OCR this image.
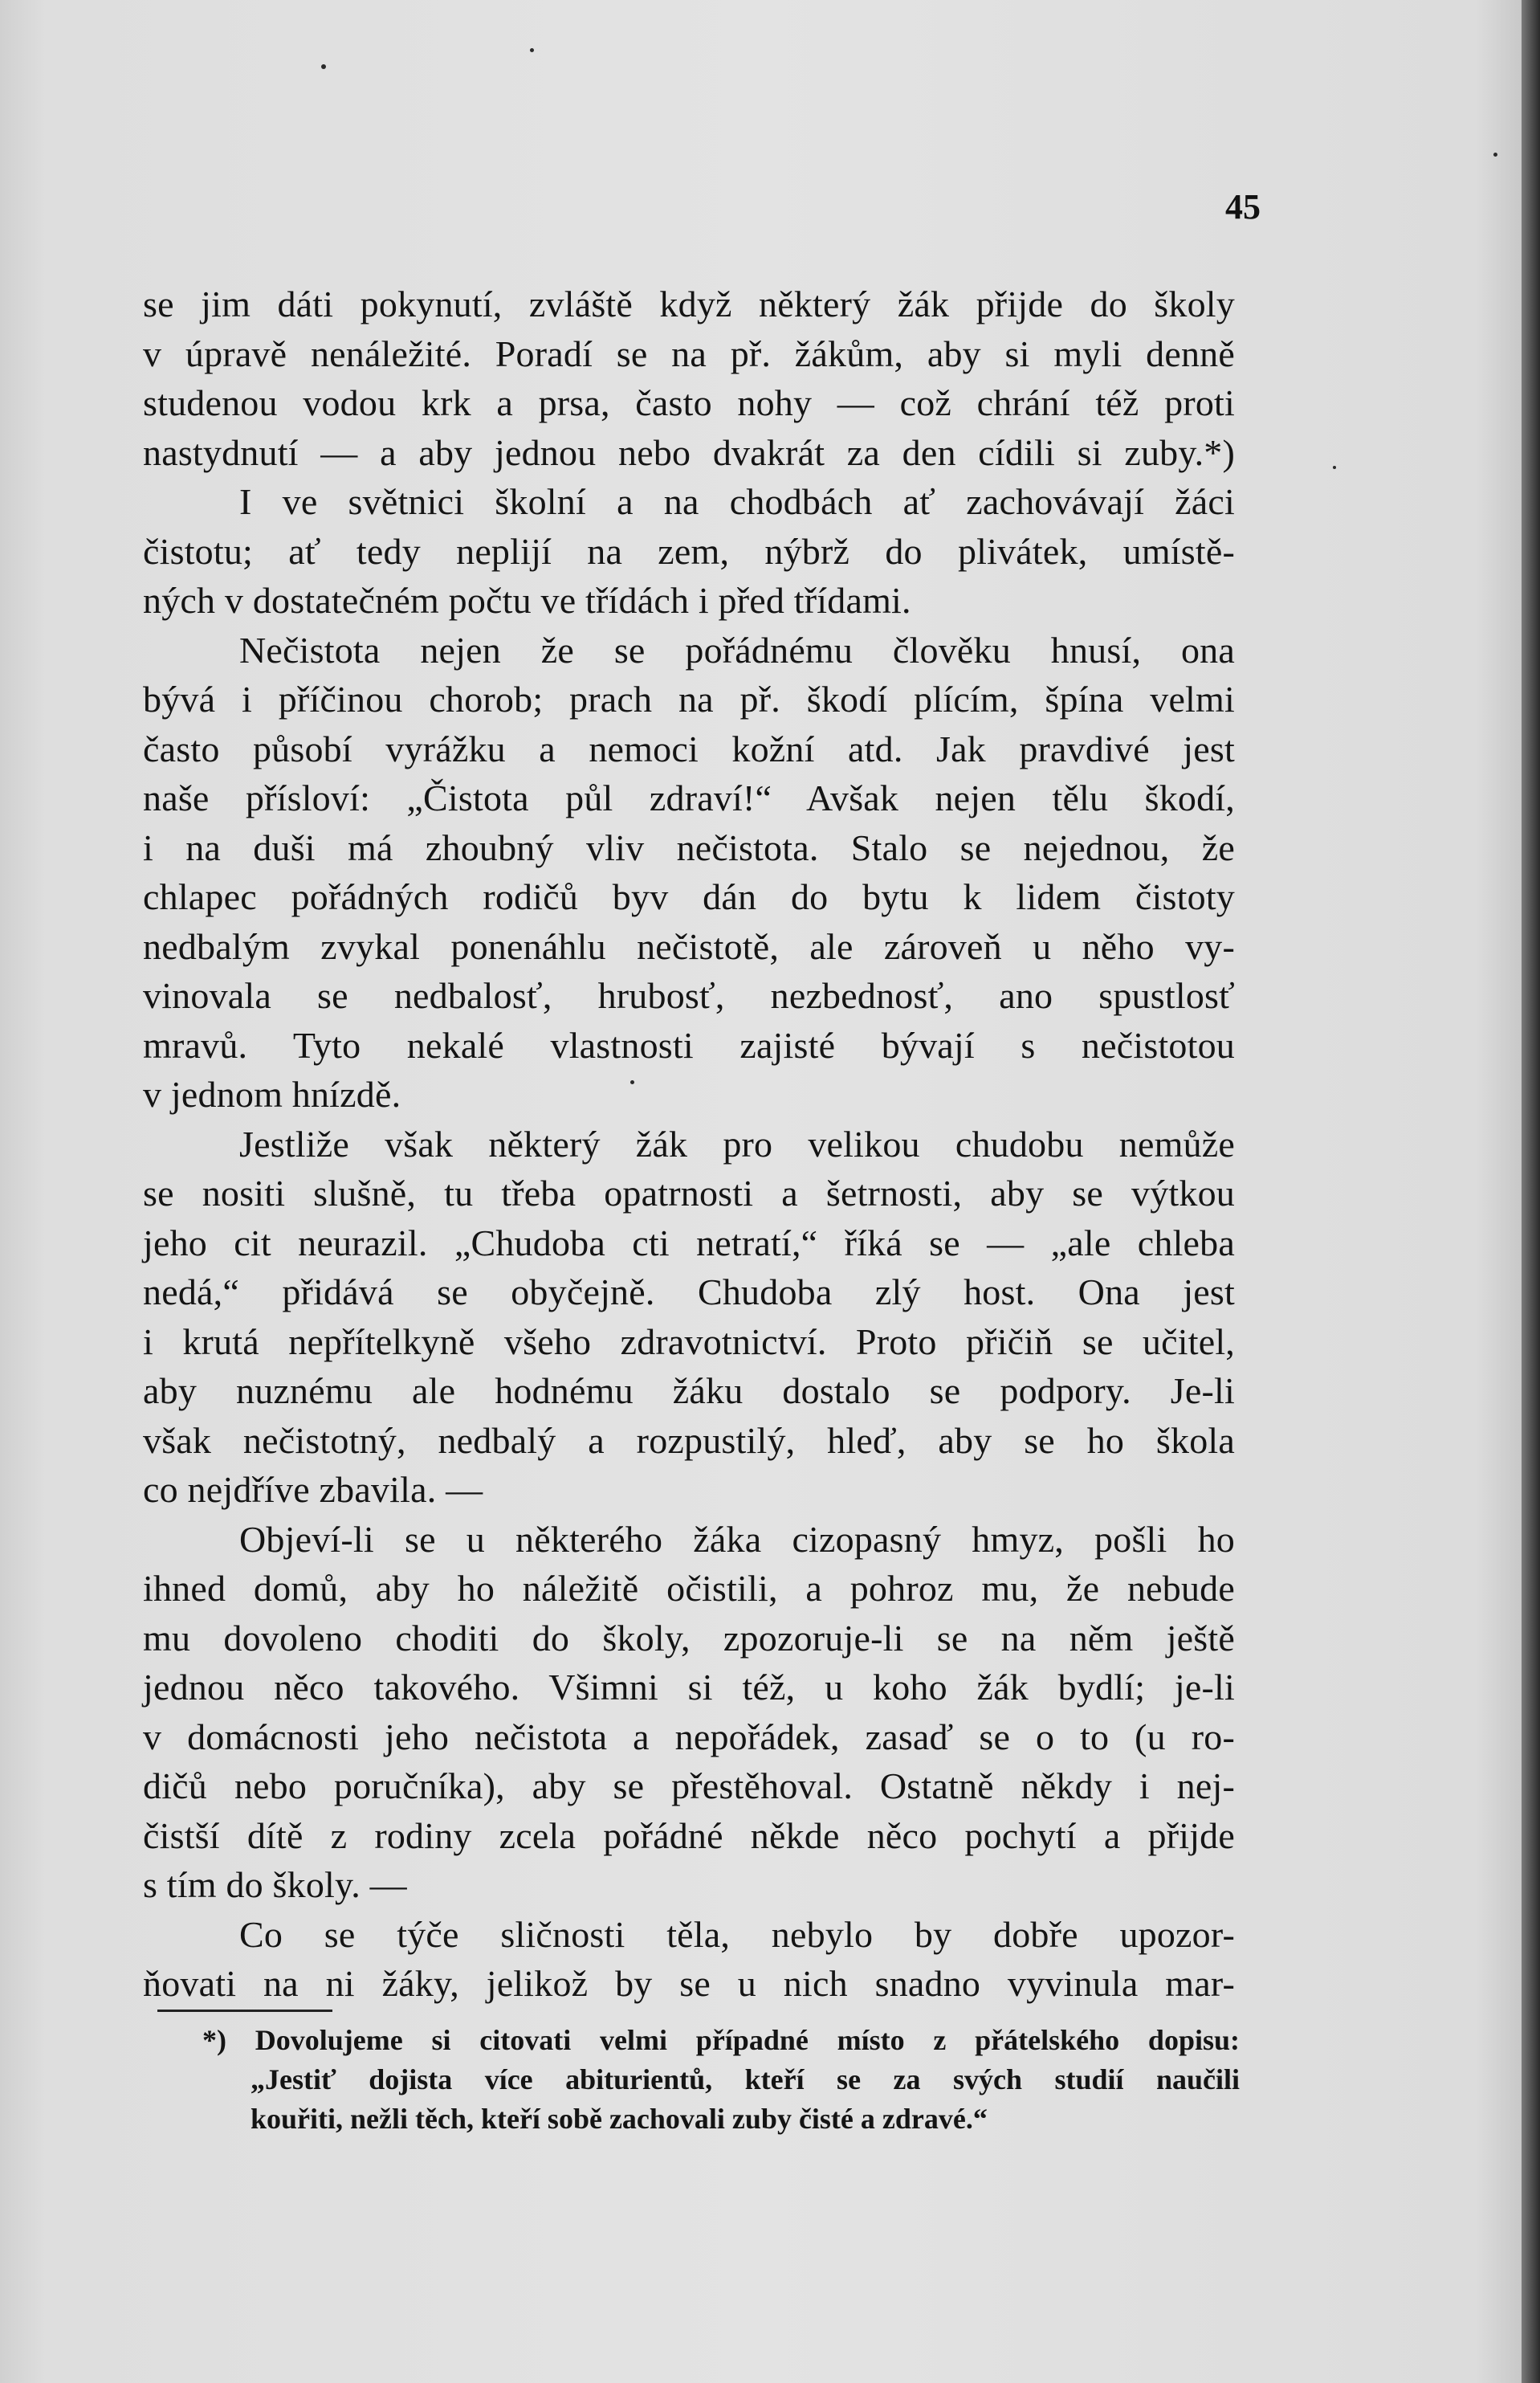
45
se jim dáti pokynutí, zvláště když některý žák přijde do školy
v úpravě nenáležité. Poradí se na př. žákům, aby si myli denně
studenou vodou krk a prsa, často nohy — což chrání též proti
nastydnutí — a aby jednou nebo dvakrát za den cídili si zuby.*)
I ve světnici školní a na chodbách ať zachovávají žáci
čistotu; ať tedy neplijí na zem, nýbrž do plivátek, umístě-
ných v dostatečném počtu ve třídách i před třídami.
Nečistota nejen že se pořádnému člověku hnusí, ona
bývá i příčinou chorob; prach na př. škodí plícím, špína velmi
často působí vyrážku a nemoci kožní atd. Jak pravdivé jest
naše přísloví: „Čistota půl zdraví!“ Avšak nejen tělu škodí,
i na duši má zhoubný vliv nečistota. Stalo se nejednou, že
chlapec pořádných rodičů byv dán do bytu k lidem čistoty
nedbalým zvykal ponenáhlu nečistotě, ale zároveň u něho vy-
vinovala se nedbalosť, hrubosť, nezbednosť, ano spustlosť
mravů. Tyto nekalé vlastnosti zajisté bývají s nečistotou
v jednom hnízdě.
Jestliže však některý žák pro velikou chudobu nemůže
se nositi slušně, tu třeba opatrnosti a šetrnosti, aby se výtkou
jeho cit neurazil. „Chudoba cti netratí,“ říká se — „ale chleba
nedá,“ přidává se obyčejně. Chudoba zlý host. Ona jest
i krutá nepřítelkyně všeho zdravotnictví. Proto přičiň se učitel,
aby nuznému ale hodnému žáku dostalo se podpory. Je-li
však nečistotný, nedbalý a rozpustilý, hleď, aby se ho škola
co nejdříve zbavila. —
Objeví-li se u některého žáka cizopasný hmyz, pošli ho
ihned domů, aby ho náležitě očistili, a pohroz mu, že nebude
mu dovoleno choditi do školy, zpozoruje-li se na něm ještě
jednou něco takového. Všimni si též, u koho žák bydlí; je-li
v domácnosti jeho nečistota a nepořádek, zasaď se o to (u ro-
dičů nebo poručníka), aby se přestěhoval. Ostatně někdy i nej-
čistší dítě z rodiny zcela pořádné někde něco pochytí a přijde
s tím do školy. —
Co se týče sličnosti těla, nebylo by dobře upozor-
ňovati na ni žáky, jelikož by se u nich snadno vyvinula mar-
*) Dovolujeme si citovati velmi případné místo z přátelského dopisu:
„Jestiť dojista více abiturientů, kteří se za svých studií naučili
kouřiti, nežli těch, kteří sobě zachovali zuby čisté a zdravé.“
